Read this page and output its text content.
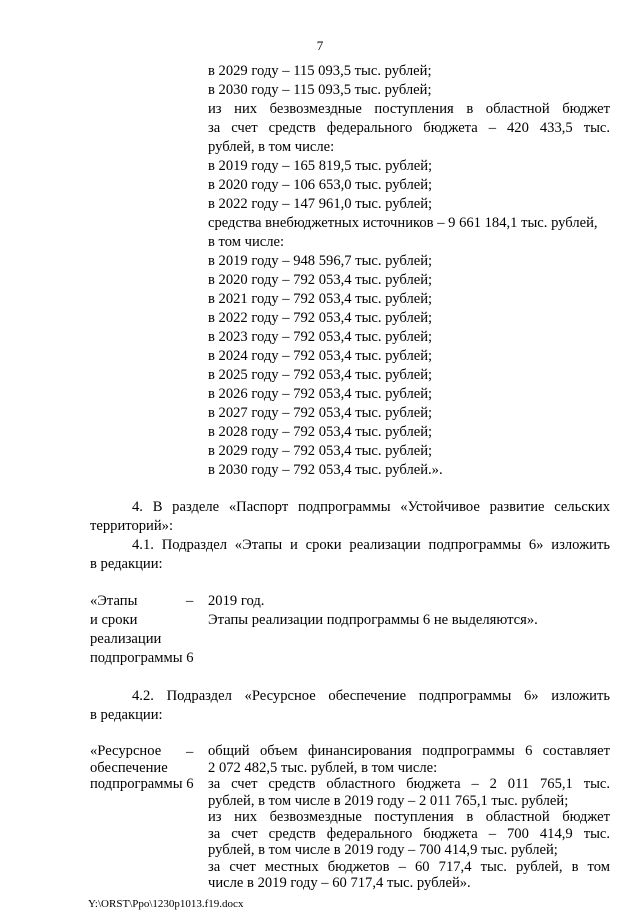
7
в 2029 году – 115 093,5 тыс. рублей;
в 2030 году – 115 093,5 тыс. рублей;
из них безвозмездные поступления в областной бюджет
за счет средств федерального бюджета – 420 433,5 тыс.
рублей, в том числе:
в 2019 году – 165 819,5 тыс. рублей;
в 2020 году – 106 653,0 тыс. рублей;
в 2022 году – 147 961,0 тыс. рублей;
средства внебюджетных источников – 9 661 184,1 тыс. рублей,
в том числе:
в 2019 году – 948 596,7 тыс. рублей;
в 2020 году – 792 053,4 тыс. рублей;
в 2021 году – 792 053,4 тыс. рублей;
в 2022 году – 792 053,4 тыс. рублей;
в 2023 году – 792 053,4 тыс. рублей;
в 2024 году – 792 053,4 тыс. рублей;
в 2025 году – 792 053,4 тыс. рублей;
в 2026 году – 792 053,4 тыс. рублей;
в 2027 году – 792 053,4 тыс. рублей;
в 2028 году – 792 053,4 тыс. рублей;
в 2029 году – 792 053,4 тыс. рублей;
в 2030 году – 792 053,4 тыс. рублей.».
4. В разделе «Паспорт подпрограммы «Устойчивое развитие сельских
территорий»:
4.1. Подраздел «Этапы и сроки реализации подпрограммы 6» изложить
в редакции:
«Этапы
и сроки
реализации
подпрограммы 6
– 2019 год.
Этапы реализации подпрограммы 6 не выделяются».
4.2. Подраздел «Ресурсное обеспечение подпрограммы 6» изложить
в редакции:
«Ресурсное
обеспечение
подпрограммы 6
– общий объем финансирования подпрограммы 6 составляет
2 072 482,5 тыс. рублей, в том числе:
за счет средств областного бюджета – 2 011 765,1 тыс.
рублей, в том числе в 2019 году – 2 011 765,1 тыс. рублей;
из них безвозмездные поступления в областной бюджет
за счет средств федерального бюджета – 700 414,9 тыс.
рублей, в том числе в 2019 году – 700 414,9 тыс. рублей;
за счет местных бюджетов – 60 717,4 тыс. рублей, в том
числе в 2019 году – 60 717,4 тыс. рублей».
Y:\ORST\Ppo\1230p1013.f19.docx
